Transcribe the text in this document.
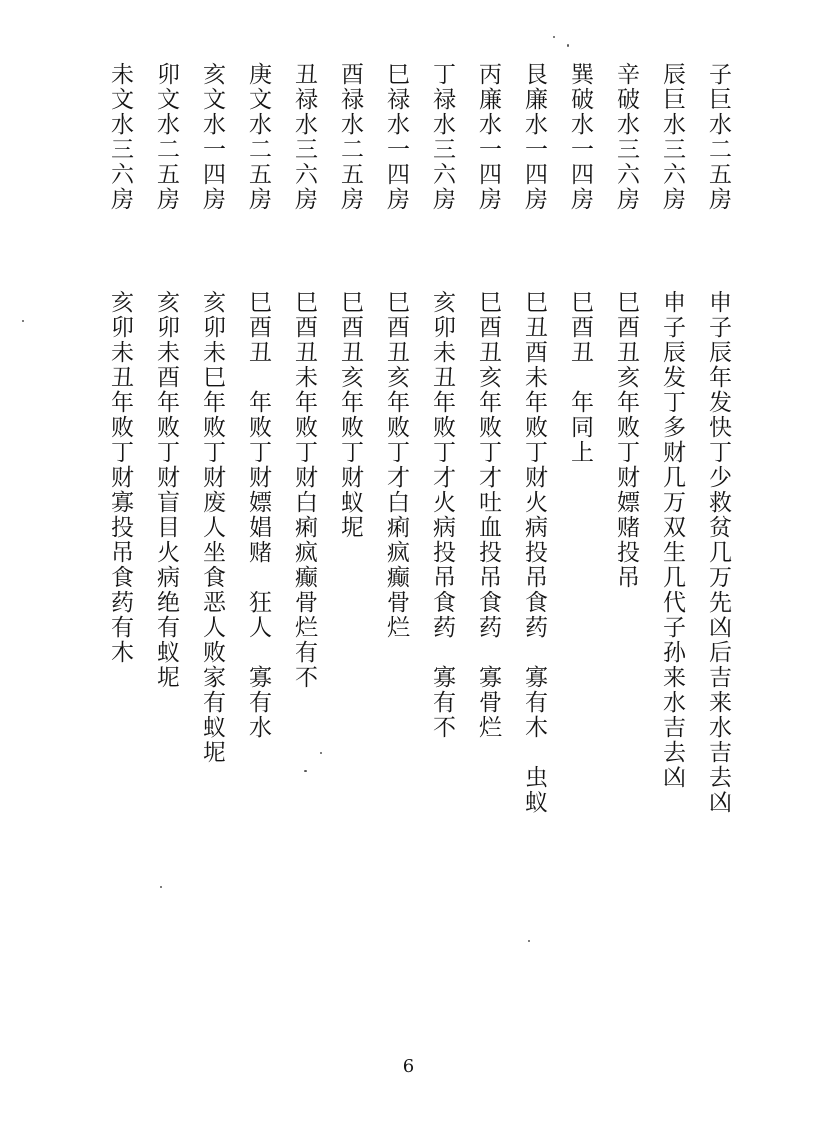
子巨水二五房
申子辰年发快丁少救贫几万先凶后吉来水吉去凶
辰巨水三六房
申子辰发丁多财几万双生几代子孙来水吉去凶
辛破水三六房
巳酉丑亥年败丁财嫖赌投吊
巽破水一四房
巳酉丑　年同上
艮廉水一四房
巳丑酉未年败丁财火病投吊食药　寡有木　虫蚁
丙廉水一四房
巳酉丑亥年败丁才吐血投吊食药　寡骨烂
丁禄水三六房
亥卯未丑年败丁才火病投吊食药　寡有不
巳禄水一四房
巳酉丑亥年败丁才白痢疯癫骨烂
酉禄水二五房
巳酉丑亥年败丁财蚁坭
丑禄水三六房
巳酉丑未年败丁财白痢疯癫骨烂有不
庚文水二五房
巳酉丑　年败丁财嫖娼赌　狂人　寡有水
亥文水一四房
亥卯未巳年败丁财废人坐食恶人败家有蚁坭
卯文水二五房
亥卯未酉年败丁财盲目火病绝有蚁坭
未文水三六房
亥卯未丑年败丁财寡投吊食药有木
6
